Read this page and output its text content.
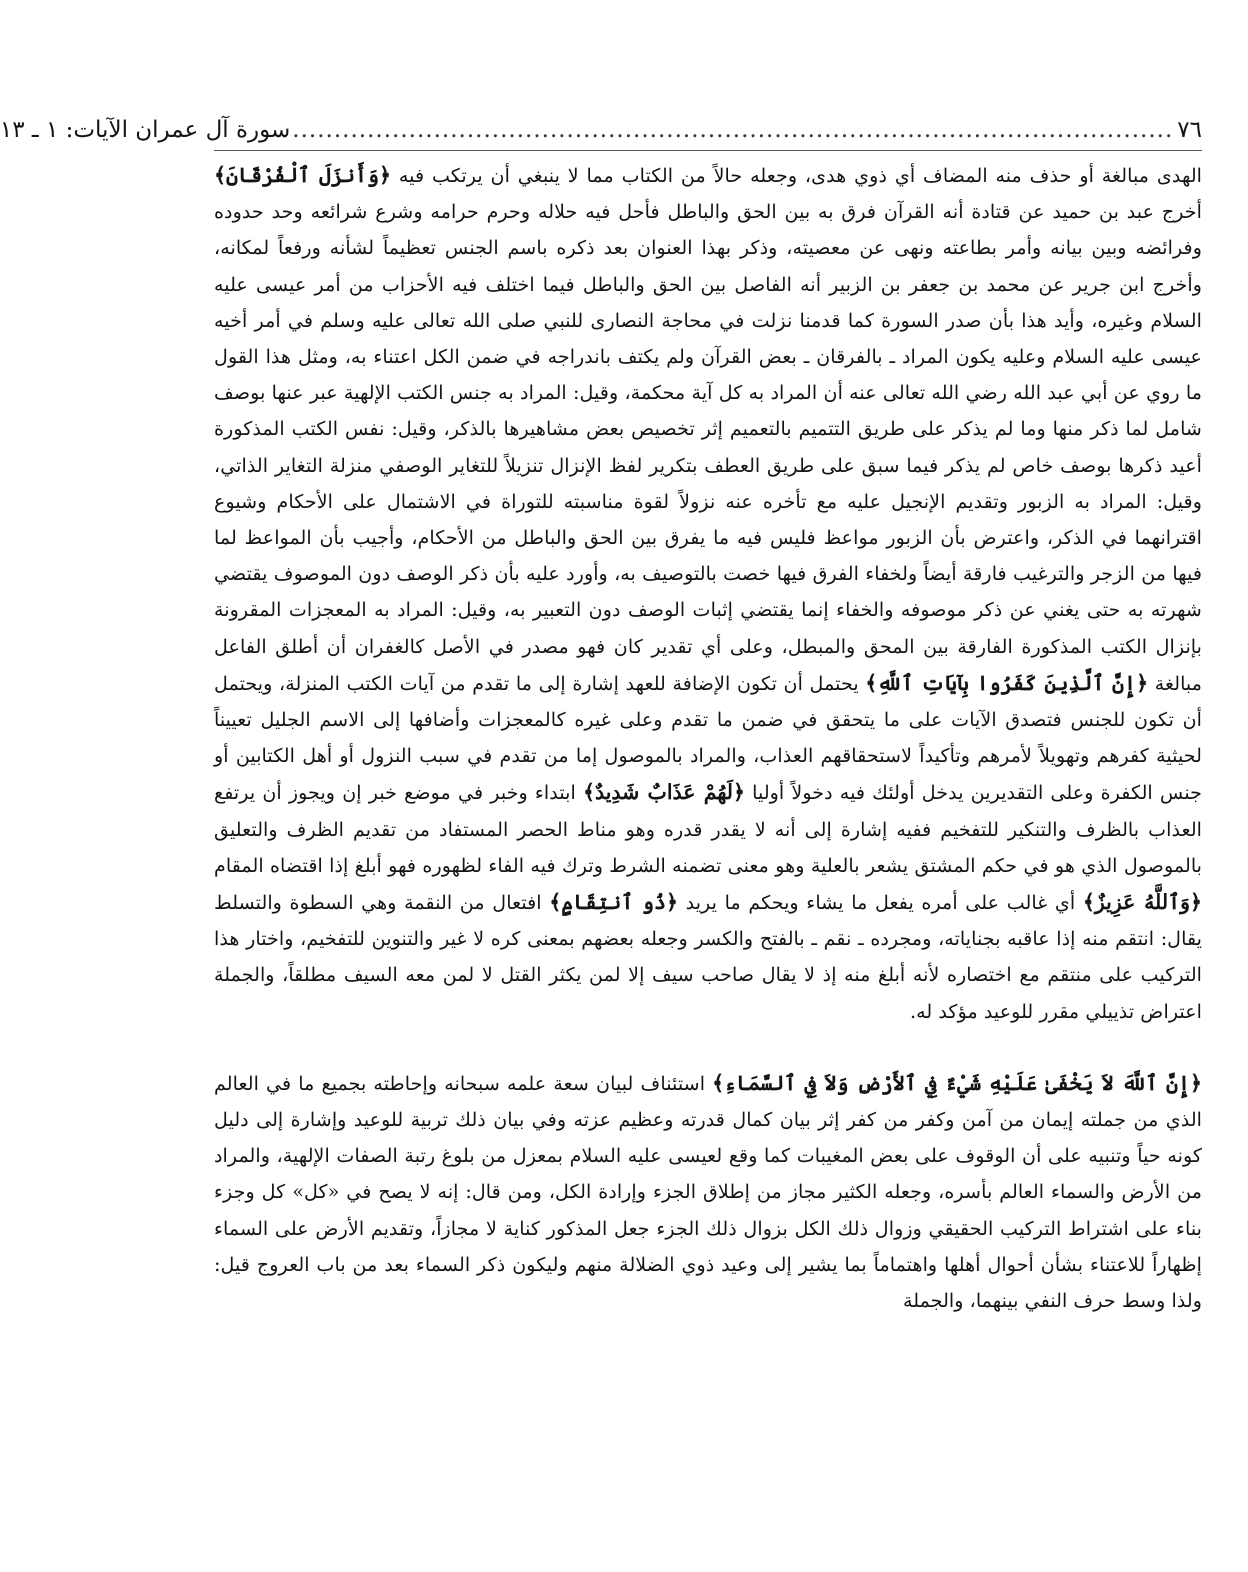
٧٦
..........................................................................................................
سورة آل عمران الآيات: ١ ـ ١٣

الهدى مبالغة أو حذف منه المضاف أي ذوي هدى، وجعله حالاً من الكتاب مما لا ينبغي أن يرتكب فيه ﴿وَأَنزَلَ ٱلْفُرْقَانَ﴾ أخرج عبد بن حميد عن قتادة أنه القرآن فرق به بين الحق والباطل فأحل فيه حلاله وحرم حرامه وشرع شرائعه وحد حدوده وفرائضه وبين بيانه وأمر بطاعته ونهى عن معصيته، وذكر بهذا العنوان بعد ذكره باسم الجنس تعظيماً لشأنه ورفعاً لمكانه، وأخرج ابن جرير عن محمد بن جعفر بن الزبير أنه الفاصل بين الحق والباطل فيما اختلف فيه الأحزاب من أمر عيسى عليه السلام وغيره، وأيد هذا بأن صدر السورة كما قدمنا نزلت في محاجة النصارى للنبي صلى الله تعالى عليه وسلم في أمر أخيه عيسى عليه السلام وعليه يكون المراد ـ بالفرقان ـ بعض القرآن ولم يكتف باندراجه في ضمن الكل اعتناء به، ومثل هذا القول ما روي عن أبي عبد الله رضي الله تعالى عنه أن المراد به كل آية محكمة، وقيل: المراد به جنس الكتب الإلهية عبر عنها بوصف شامل لما ذكر منها وما لم يذكر على طريق التتميم بالتعميم إثر تخصيص بعض مشاهيرها بالذكر، وقيل: نفس الكتب المذكورة أعيد ذكرها بوصف خاص لم يذكر فيما سبق على طريق العطف بتكرير لفظ الإنزال تنزيلاً للتغاير الوصفي منزلة التغاير الذاتي، وقيل: المراد به الزبور وتقديم الإنجيل عليه مع تأخره عنه نزولاً لقوة مناسبته للتوراة في الاشتمال على الأحكام وشيوع اقترانهما في الذكر، واعترض بأن الزبور مواعظ فليس فيه ما يفرق بين الحق والباطل من الأحكام، وأجيب بأن المواعظ لما فيها من الزجر والترغيب فارقة أيضاً ولخفاء الفرق فيها خصت بالتوصيف به، وأورد عليه بأن ذكر الوصف دون الموصوف يقتضي شهرته به حتى يغني عن ذكر موصوفه والخفاء إنما يقتضي إثبات الوصف دون التعبير به، وقيل: المراد به المعجزات المقرونة بإنزال الكتب المذكورة الفارقة بين المحق والمبطل، وعلى أي تقدير كان فهو مصدر في الأصل كالغفران أن أطلق الفاعل مبالغة ﴿إِنَّ ٱلَّذِينَ كَفَرُوا بِآيَاتِ ٱللَّهِ﴾ يحتمل أن تكون الإضافة للعهد إشارة إلى ما تقدم من آيات الكتب المنزلة، ويحتمل أن تكون للجنس فتصدق الآيات على ما يتحقق في ضمن ما تقدم وعلى غيره كالمعجزات وأضافها إلى الاسم الجليل تعييناً لحيثية كفرهم وتهويلاً لأمرهم وتأكيداً لاستحقاقهم العذاب، والمراد بالموصول إما من تقدم في سبب النزول أو أهل الكتابين أو جنس الكفرة وعلى التقديرين يدخل أولئك فيه دخولاً أوليا ﴿لَهُمْ عَذَابٌ شَدِيدٌ﴾ ابتداء وخبر في موضع خبر إن ويجوز أن يرتفع العذاب بالظرف والتنكير للتفخيم ففيه إشارة إلى أنه لا يقدر قدره وهو مناط الحصر المستفاد من تقديم الظرف والتعليق بالموصول الذي هو في حكم المشتق يشعر بالعلية وهو معنى تضمنه الشرط وترك فيه الفاء لظهوره فهو أبلغ إذا اقتضاه المقام ﴿وَٱللَّهُ عَزِيزٌ﴾ أي غالب على أمره يفعل ما يشاء ويحكم ما يريد ﴿ذُو ٱنتِقَامٍ﴾ افتعال من النقمة وهي السطوة والتسلط يقال: انتقم منه إذا عاقبه بجناياته، ومجرده ـ نقم ـ بالفتح والكسر وجعله بعضهم بمعنى كره لا غير والتنوين للتفخيم، واختار هذا التركيب على منتقم مع اختصاره لأنه أبلغ منه إذ لا يقال صاحب سيف إلا لمن يكثر القتل لا لمن معه السيف مطلقاً، والجملة اعتراض تذييلي مقرر للوعيد مؤكد له.

﴿إِنَّ ٱللَّهَ لاَ يَخْفَىٰ عَلَيْهِ شَيْءٌ فِي ٱلأَرْضِ وَلاَ فِي ٱلسَّمَاءِ﴾ استئناف لبيان سعة علمه سبحانه وإحاطته بجميع ما في العالم الذي من جملته إيمان من آمن وكفر من كفر إثر بيان كمال قدرته وعظيم عزته وفي بيان ذلك تربية للوعيد وإشارة إلى دليل كونه حياً وتنبيه على أن الوقوف على بعض المغيبات كما وقع لعيسى عليه السلام بمعزل من بلوغ رتبة الصفات الإلهية، والمراد من الأرض والسماء العالم بأسره، وجعله الكثير مجاز من إطلاق الجزء وإرادة الكل، ومن قال: إنه لا يصح في «كل» كل وجزء بناء على اشتراط التركيب الحقيقي وزوال ذلك الكل بزوال ذلك الجزء جعل المذكور كناية لا مجازاً، وتقديم الأرض على السماء إظهاراً للاعتناء بشأن أحوال أهلها واهتماماً بما يشير إلى وعيد ذوي الضلالة منهم وليكون ذكر السماء بعد من باب العروج قيل: ولذا وسط حرف النفي بينهما، والجملة
